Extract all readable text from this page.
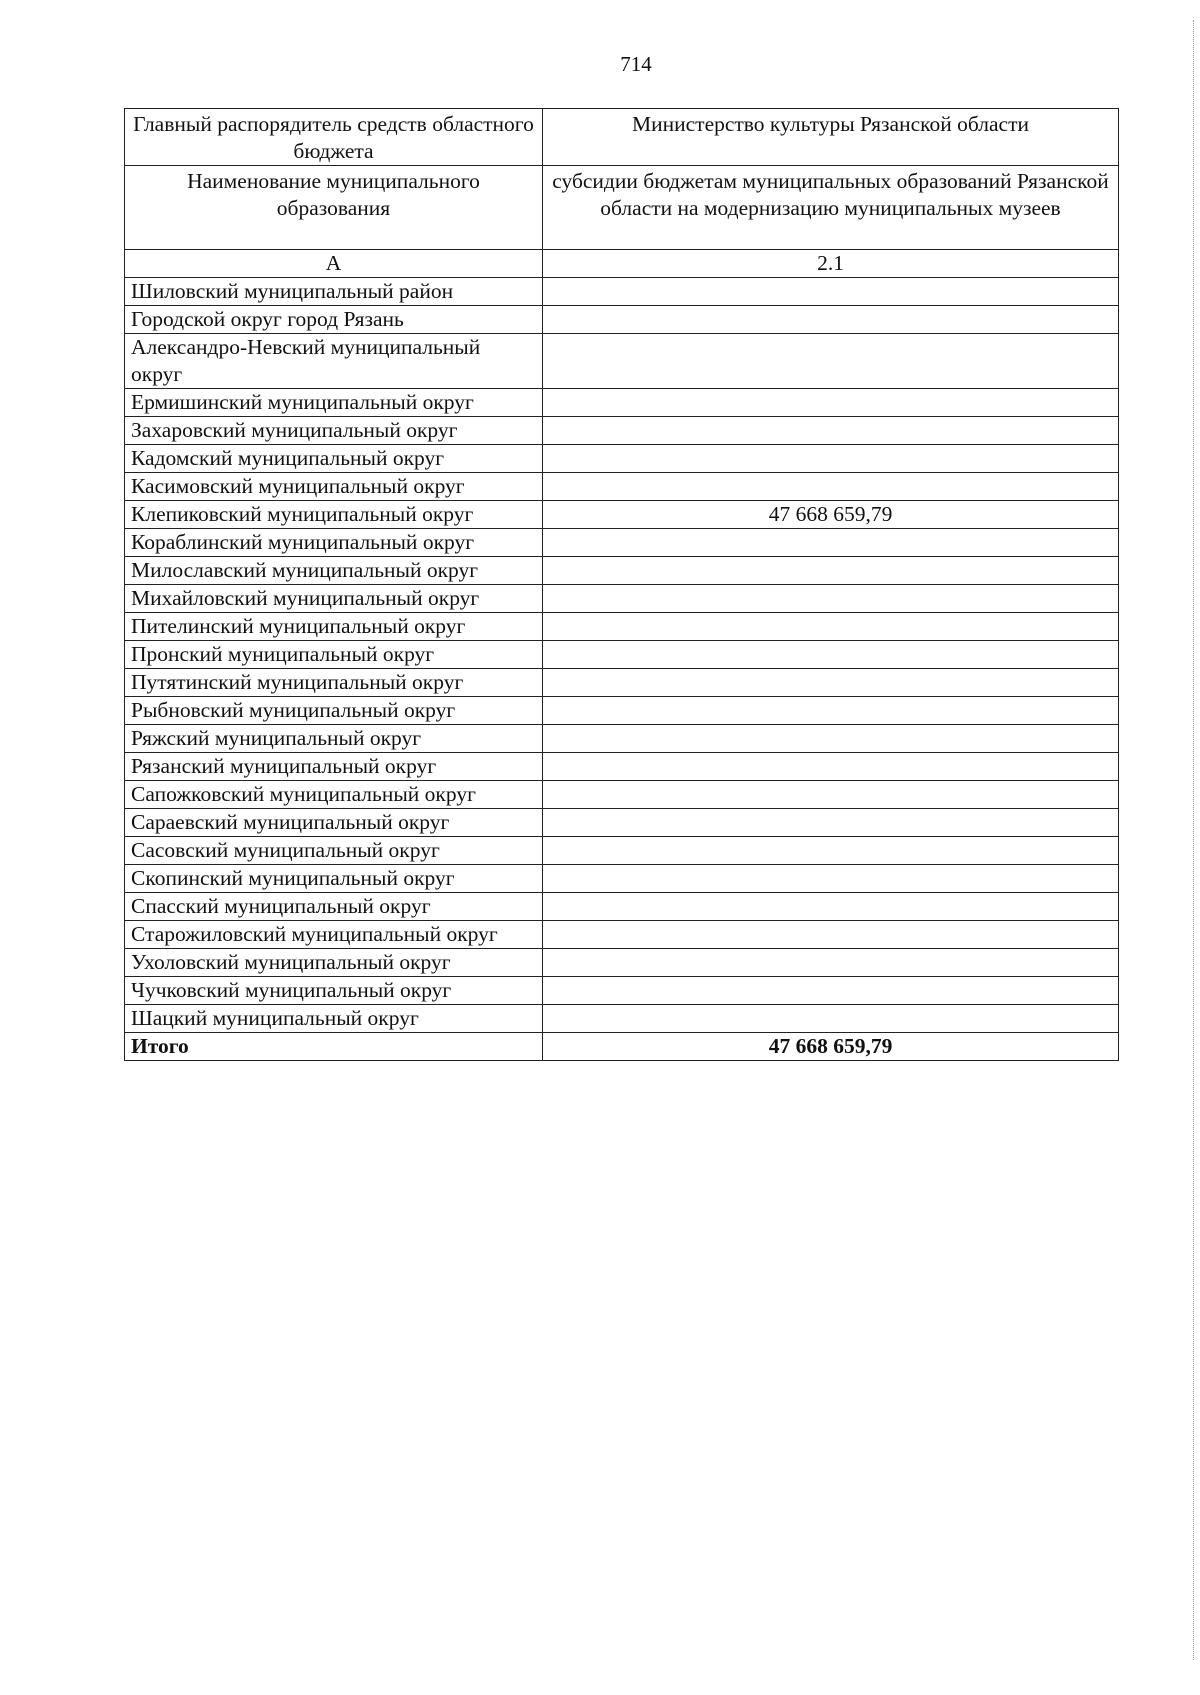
714
Главный распорядитель средств областного бюджета	Министерство культуры Рязанской области
Наименование муниципального образования	субсидии бюджетам муниципальных образований Рязанской области на модернизацию муниципальных музеев
А	2.1
Шиловский муниципальный район	
Городской округ город Рязань	
Александро-Невский муниципальный округ	
Ермишинский муниципальный округ	
Захаровский муниципальный округ	
Кадомский муниципальный округ	
Касимовский муниципальный округ	
Клепиковский муниципальный округ	47 668 659,79
Кораблинский муниципальный округ	
Милославский муниципальный округ	
Михайловский муниципальный округ	
Пителинский муниципальный округ	
Пронский муниципальный округ	
Путятинский муниципальный округ	
Рыбновский муниципальный округ	
Ряжский муниципальный округ	
Рязанский муниципальный округ	
Сапожковский муниципальный округ	
Сараевский муниципальный округ	
Сасовский муниципальный округ	
Скопинский муниципальный округ	
Спасский муниципальный округ	
Старожиловский муниципальный округ	
Ухоловский муниципальный округ	
Чучковский муниципальный округ	
Шацкий муниципальный округ	
Итого	47 668 659,79
